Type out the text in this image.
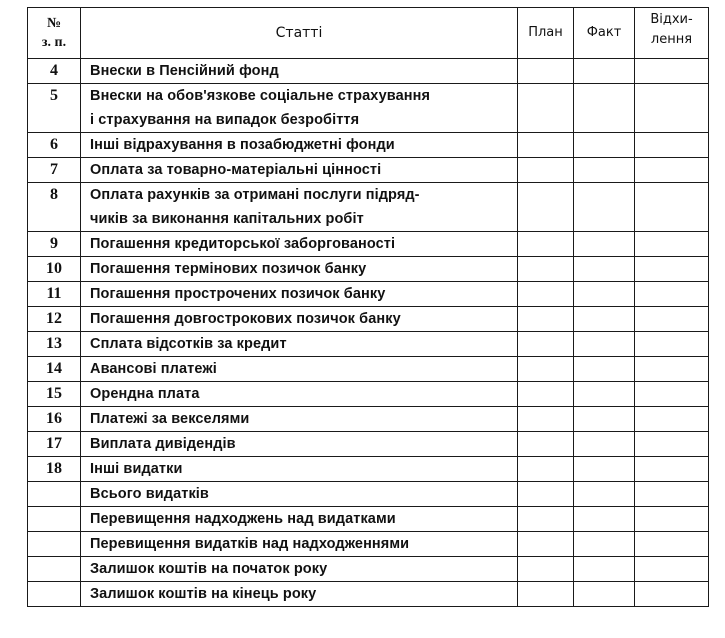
№
з. п.	Статті	План	Факт	Відхи-
лення

4	Внески в Пенсійний фонд			

5	Внески на обов'язкове соціальне страхування
і страхування на випадок безробіття			

6	Інші відрахування в позабюджетні фонди			

7	Оплата за товарно-матеріальні цінності			

8	Оплата рахунків за отримані послуги підряд-
чиків за виконання капітальних робіт			

9	Погашення кредиторської заборгованості			

10	Погашення термінових позичок банку			

11	Погашення прострочених позичок банку			

12	Погашення довгострокових позичок банку			

13	Сплата відсотків за кредит			

14	Авансові платежі			

15	Орендна плата			

16	Платежі за векселями			

17	Виплата дивідендів			

18	Інші видатки			

	Всього видатків			

	Перевищення надходжень над видатками			

	Перевищення видатків над надходженнями			

	Залишок коштів на початок року			

	Залишок коштів на кінець року			
